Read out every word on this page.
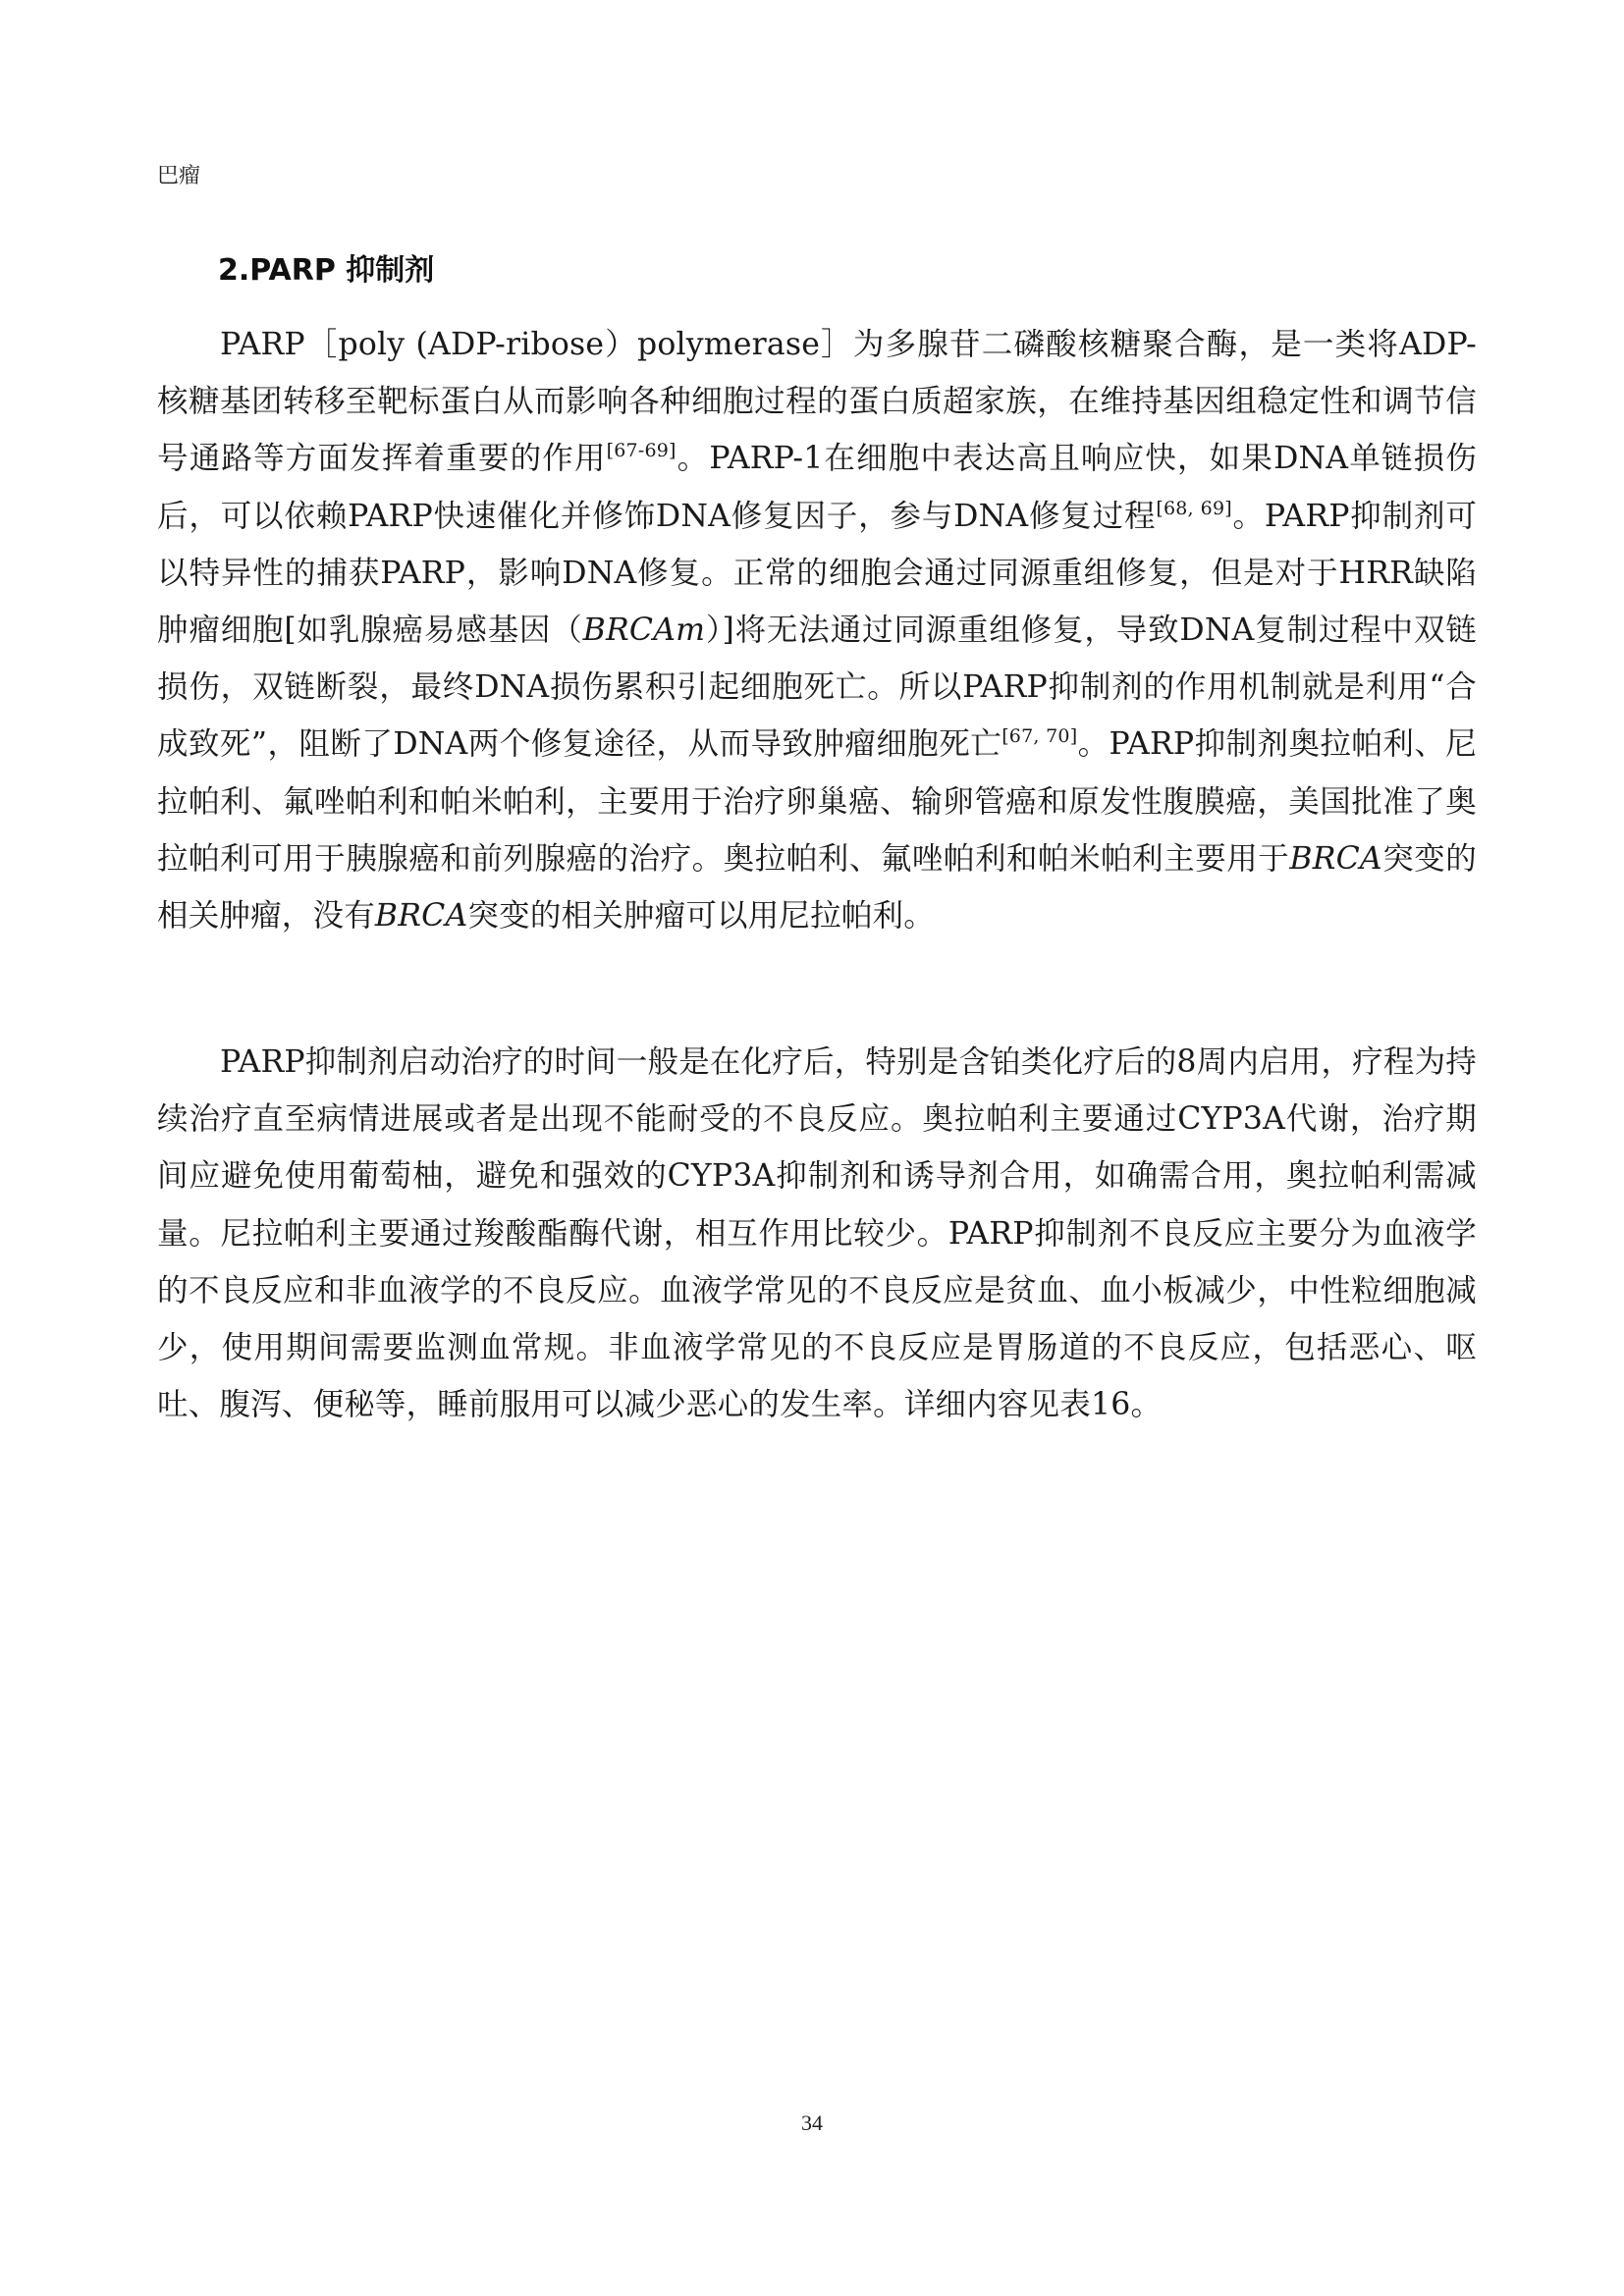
巴瘤
2.PARP 抑制剂

PARP［poly (ADP-ribose）polymerase］为多腺苷二磷酸核糖聚合酶，是一类将ADP-核糖基团转移至靶标蛋白从而影响各种细胞过程的蛋白质超家族，在维持基因组稳定性和调节信号通路等方面发挥着重要的作用[67-69]。PARP-1在细胞中表达高且响应快，如果DNA单链损伤后，可以依赖PARP快速催化并修饰DNA修复因子，参与DNA修复过程[68, 69]。PARP抑制剂可以特异性的捕获PARP，影响DNA修复。正常的细胞会通过同源重组修复，但是对于HRR缺陷肿瘤细胞[如乳腺癌易感基因（BRCAm）]将无法通过同源重组修复，导致DNA复制过程中双链损伤，双链断裂，最终DNA损伤累积引起细胞死亡。所以PARP抑制剂的作用机制就是利用“合成致死”，阻断了DNA两个修复途径，从而导致肿瘤细胞死亡[67, 70]。PARP抑制剂奥拉帕利、尼拉帕利、氟唑帕利和帕米帕利，主要用于治疗卵巢癌、输卵管癌和原发性腹膜癌，美国批准了奥拉帕利可用于胰腺癌和前列腺癌的治疗。奥拉帕利、氟唑帕利和帕米帕利主要用于BRCA突变的相关肿瘤，没有BRCA突变的相关肿瘤可以用尼拉帕利。

PARP抑制剂启动治疗的时间一般是在化疗后，特别是含铂类化疗后的8周内启用，疗程为持续治疗直至病情进展或者是出现不能耐受的不良反应。奥拉帕利主要通过CYP3A代谢，治疗期间应避免使用葡萄柚，避免和强效的CYP3A抑制剂和诱导剂合用，如确需合用，奥拉帕利需减量。尼拉帕利主要通过羧酸酯酶代谢，相互作用比较少。PARP抑制剂不良反应主要分为血液学的不良反应和非血液学的不良反应。血液学常见的不良反应是贫血、血小板减少，中性粒细胞减少，使用期间需要监测血常规。非血液学常见的不良反应是胃肠道的不良反应，包括恶心、呕吐、腹泻、便秘等，睡前服用可以减少恶心的发生率。详细内容见表16。

34
